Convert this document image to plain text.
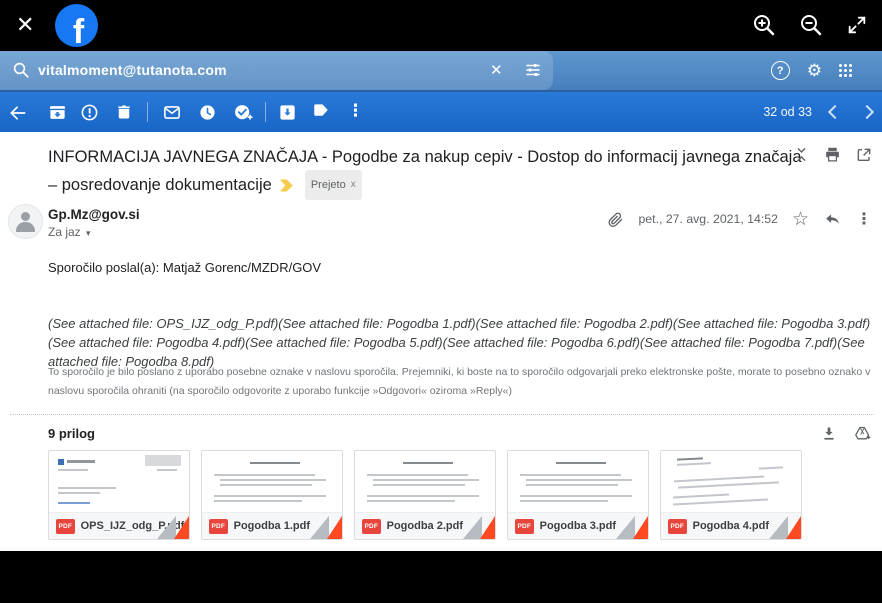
✕ f
vitalmoment@tutanota.com	✕	?	⚙
⋮	32 od 33
INFORMACIJA JAVNEGA ZNAČAJA - Pogodbe za nakup cepiv - Dostop do informacij javnega značaja – posredovanje dokumentacije	Prejeto x
Gp.Mz@gov.si
Za jaz ▾
pet., 27. avg. 2021, 14:52 ☆	⋮
Sporočilo poslal(a): Matjaž Gorenc/MZDR/GOV
(See attached file: OPS_IJZ_odg_P.pdf)(See attached file: Pogodba 1.pdf)(See attached file: Pogodba 2.pdf)(See attached file: Pogodba 3.pdf)(See attached file: Pogodba 4.pdf)(See attached file: Pogodba 5.pdf)(See attached file: Pogodba 6.pdf)(See attached file: Pogodba 7.pdf)(See attached file: Pogodba 8.pdf)
To sporočilo je bilo poslano z uporabo posebne oznake v naslovu sporočila. Prejemniki, ki boste na to sporočilo odgovarjali preko elektronske pošte, morate to posebno oznako v naslovu sporočila ohraniti (na sporočilo odgovorite z uporabo funkcije »Odgovori« oziroma »Reply«)
9 prilog
PDF OPS_IJZ_odg_P.pdf	PDF Pogodba 1.pdf	PDF Pogodba 2.pdf	PDF Pogodba 3.pdf	PDF Pogodba 4.pdf
